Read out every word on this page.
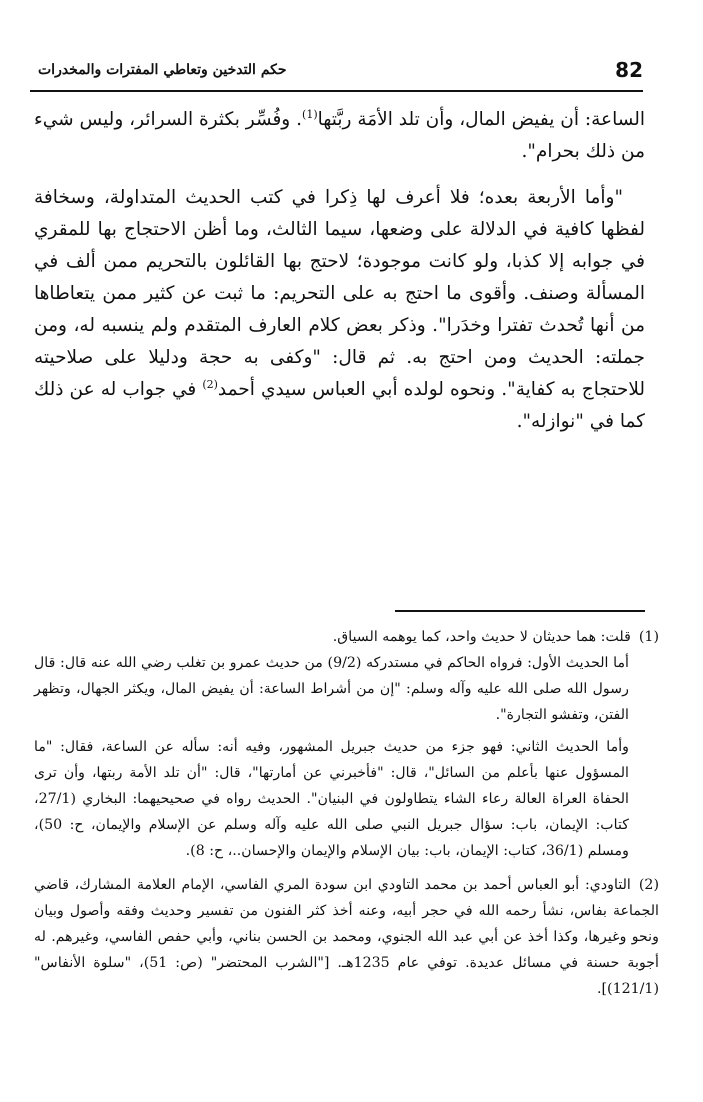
82
حكم التدخين وتعاطي المفترات والمخدرات

الساعة: أن يفيض المال، وأن تلد الأمَة ربَّتها$^{(1)}$. وفُسِّر بكثرة السرائر، وليس شيء من ذلك بحرام".

"وأما الأربعة بعده؛ فلا أعرف لها ذِكرا في كتب الحديث المتداولة، وسخافة لفظها كافية في الدلالة على وضعها، سيما الثالث، وما أظن الاحتجاج بها للمقري في جوابه إلا كذبا، ولو كانت موجودة؛ لاحتج بها القائلون بالتحريم ممن ألف في المسألة وصنف. وأقوى ما احتج به على التحريم: ما ثبت عن كثير ممن يتعاطاها من أنها تُحدث تفترا وخدَرا". وذكر بعض كلام العارف المتقدم ولم ينسبه له، ومن جملته: الحديث ومن احتج به. ثم قال: "وكفى به حجة ودليلا على صلاحيته للاحتجاج به كفاية". ونحوه لولده أبي العباس سيدي أحمد$^{(2)}$ في جواب له عن ذلك كما في "نوازله".

(1)قلت: هما حديثان لا حديث واحد، كما يوهمه السياق.

أما الحديث الأول: فرواه الحاكم في مستدركه (9/2) من حديث عمرو بن تغلب رضي الله عنه قال: قال رسول الله صلى الله عليه وآله وسلم: "إن من أشراط الساعة: أن يفيض المال، ويكثر الجهال، وتظهر الفتن، وتفشو التجارة".

وأما الحديث الثاني: فهو جزء من حديث جبريل المشهور، وفيه أنه: سأله عن الساعة، فقال: "ما المسؤول عنها بأعلم من السائل"، قال: "فأخبرني عن أمارتها"، قال: "أن تلد الأمة ربتها، وأن ترى الحفاة العراة العالة رعاء الشاء يتطاولون في البنيان". الحديث رواه في صحيحيهما: البخاري (27/1، كتاب: الإيمان، باب: سؤال جبريل النبي صلى الله عليه وآله وسلم عن الإسلام والإيمان، ح: 50)، ومسلم (36/1، كتاب: الإيمان، باب: بيان الإسلام والإيمان والإحسان..، ح: 8).

(2)التاودي: أبو العباس أحمد بن محمد التاودي ابن سودة المري الفاسي، الإمام العلامة المشارك، قاضي الجماعة بفاس، نشأ رحمه الله في حجر أبيه، وعنه أخذ كثر الفنون من تفسير وحديث وفقه وأصول وبيان ونحو وغيرها، وكذا أخذ عن أبي عبد الله الجنوي، ومحمد بن الحسن بناني، وأبي حفص الفاسي، وغيرهم. له أجوبة حسنة في مسائل عديدة. توفي عام 1235هـ. ["الشرب المحتضر" (ص: 51)، "سلوة الأنفاس" (121/1)].
